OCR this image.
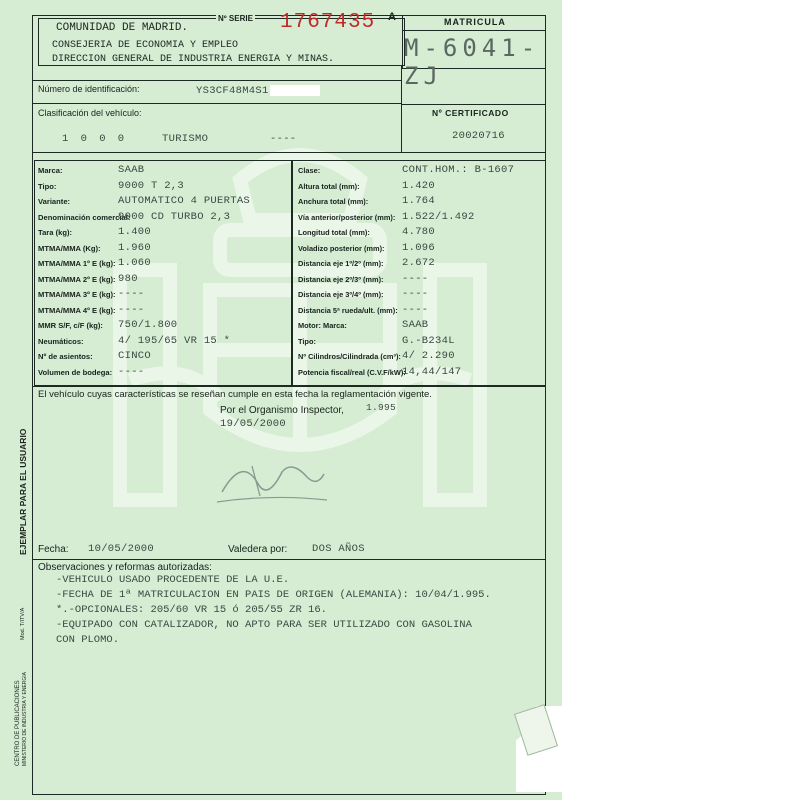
COMUNIDAD DE MADRID.
Nº SERIE 1767435 A
CONSEJERIA DE ECONOMIA Y EMPLEO
DIRECCION GENERAL DE INDUSTRIA ENERGIA Y MINAS.
MATRICULA
M-6041-ZJ
Número de identificación:	YS3CF48M4S1
Clasificación del vehículo:
1 0 0 0	TURISMO	----
Nº CERTIFICADO
20020716
Marca:	SAAB
Tipo:	9000 T 2,3
Variante:	AUTOMATICO 4 PUERTAS
Denominación comercial:
9000 CD TURBO 2,3
Tara (kg):	1.400
MTMA/MMA (Kg): 1.960
MTMA/MMA 1º E (kg): 1.060
MTMA/MMA 2º E (kg): 980
MTMA/MMA 3º E (kg): ----
MTMA/MMA 4º E (kg): ----
MMR S/F, c/F (kg): 750/1.800
Neumáticos:	4/ 195/65 VR 15 *
Nº de asientos: CINCO
Volumen de bodega: ----
Clase:	CONT.HOM.: B-1607
Altura total (mm):	1.420
Anchura total (mm):	1.764
Vía anterior/posterior (mm): 1.522/1.492
Longitud total (mm):	4.780
Voladizo posterior (mm): 1.096
Distancia eje 1º/2º (mm): 2.672
Distancia eje 2º/3º (mm): ----
Distancia eje 3º/4º (mm): ----
Distancia 5ª rueda/ult. (mm): ----
Motor: Marca:	SAAB
Tipo:	G.-B234L
Nº Cilindros/Cilindrada (cm³): 4/ 2.290
Potencia fiscal/real (C.V.F/kW):
14,44/147
El vehículo cuyas características se reseñan cumple en esta fecha la reglamentación vigente.
Por el Organismo Inspector, 1.995
19/05/2000
Fecha: 10/05/2000	Valedera por: DOS AÑOS
Observaciones y reformas autorizadas:
-VEHICULO USADO PROCEDENTE DE LA U.E.
-FECHA DE 1ª MATRICULACION EN PAIS DE ORIGEN (ALEMANIA): 10/04/1.995.
*.-OPCIONALES: 205/60 VR 15 ó 205/55 ZR 16.
-EQUIPADO CON CATALIZADOR, NO APTO PARA SER UTILIZADO CON GASOLINA
CON PLOMO.
EJEMPLAR PARA EL USUARIO
Mod. T/ITV/A
CENTRO DE PUBLICACIONES MINISTERIO DE INDUSTRIA Y ENERGIA
